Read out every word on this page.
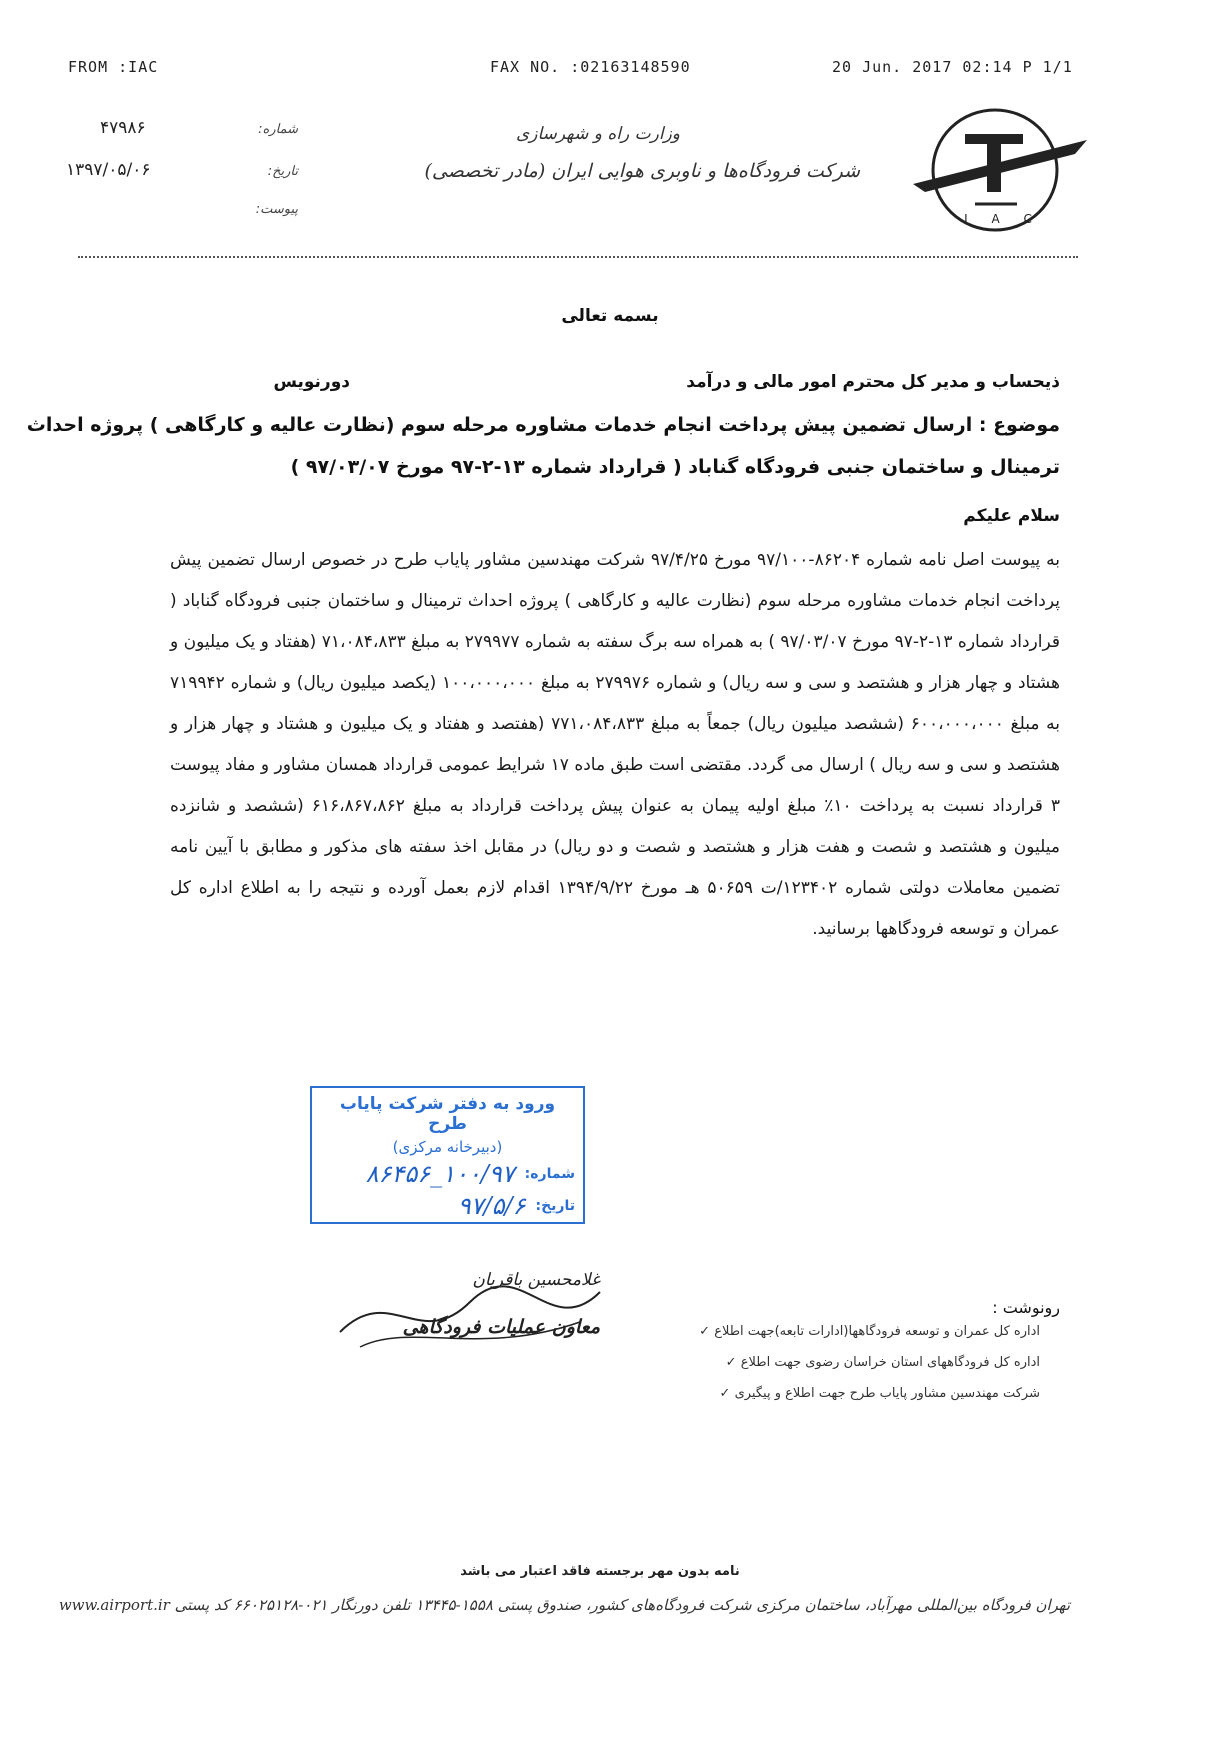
FROM :IAC	FAX NO. :02163148590	20 Jun. 2017 02:14 P 1/1
۴۷۹۸۶
۱۳۹۷/۰۵/۰۶
شماره:
تاریخ:
پیوست:
وزارت راه و شهرسازی
شرکت فرودگاه‌ها و ناوبری هوایی ایران (مادر تخصصی)
I A C
بسمه تعالی
ذیحساب و مدیر کل محترم امور مالی و درآمد
دورنویس
موضوع : ارسال تضمین پیش پرداخت انجام خدمات مشاوره مرحله سوم (نظارت عالیه و کارگاهی ) پروژه احداث
ترمینال و ساختمان جنبی فرودگاه گناباد ( قرارداد شماره ۱۳-۲-۹۷ مورخ ۹۷/۰۳/۰۷ )
سلام علیکم
به پیوست اصل نامه شماره ۸۶۲۰۴-۹۷/۱۰۰ مورخ ۹۷/۴/۲۵ شرکت مهندسین مشاور پایاب طرح در خصوص ارسال تضمین پیش پرداخت انجام خدمات مشاوره مرحله سوم (نظارت عالیه و کارگاهی ) پروژه احداث ترمینال و ساختمان جنبی فرودگاه گناباد ( قرارداد شماره ۱۳-۲-۹۷ مورخ ۹۷/۰۳/۰۷ ) به همراه سه برگ سفته به شماره ۲۷۹۹۷۷ به مبلغ ۷۱،۰۸۴،۸۳۳ (هفتاد و یک میلیون و هشتاد و چهار هزار و هشتصد و سی و سه ریال) و شماره ۲۷۹۹۷۶ به مبلغ ۱۰۰،۰۰۰،۰۰۰ (یکصد میلیون ریال) و شماره ۷۱۹۹۴۲ به مبلغ ۶۰۰،۰۰۰،۰۰۰ (ششصد میلیون ریال) جمعاً به مبلغ ۷۷۱،۰۸۴،۸۳۳ (هفتصد و هفتاد و یک میلیون و هشتاد و چهار هزار و هشتصد و سی و سه ریال ) ارسال می گردد. مقتضی است طبق ماده ۱۷ شرایط عمومی قرارداد همسان مشاور و مفاد پیوست ۳ قرارداد نسبت به پرداخت ۱۰٪ مبلغ اولیه پیمان به عنوان پیش پرداخت قرارداد به مبلغ ۶۱۶،۸۶۷،۸۶۲ (ششصد و شانزده میلیون و هشتصد و شصت و هفت هزار و هشتصد و شصت و دو ریال) در مقابل اخذ سفته های مذکور و مطابق با آیین نامه تضمین معاملات دولتی شماره ۱۲۳۴۰۲/ت ۵۰۶۵۹ هـ مورخ ۱۳۹۴/۹/۲۲ اقدام لازم بعمل آورده و نتیجه را به اطلاع اداره کل عمران و توسعه فرودگاهها برسانید.
ورود به دفتر شرکت پایاب طرح
(دبیرخانه مرکزی)
شماره:
۱۰۰/۹۷_۸۶۴۵۶
تاریخ:
۹۷/۵/۶
غلامحسین باقریان
معاون عملیات فرودگاهی
رونوشت :
اداره کل عمران و توسعه فرودگاهها(ادارات تابعه)جهت اطلاع ✓
اداره کل فرودگاههای استان خراسان رضوی جهت اطلاع ✓
شرکت مهندسین مشاور پایاب طرح جهت اطلاع و پیگیری ✓
نامه بدون مهر برجسته فاقد اعتبار می باشد
تهران فرودگاه بین‌المللی مهرآباد، ساختمان مرکزی شرکت فرودگاه‌های کشور، صندوق پستی ۱۵۵۸-۱۳۴۴۵ تلفن دورنگار ۰۲۱-۶۶۰۲۵۱۲۸ کد پستی www.airport.ir
